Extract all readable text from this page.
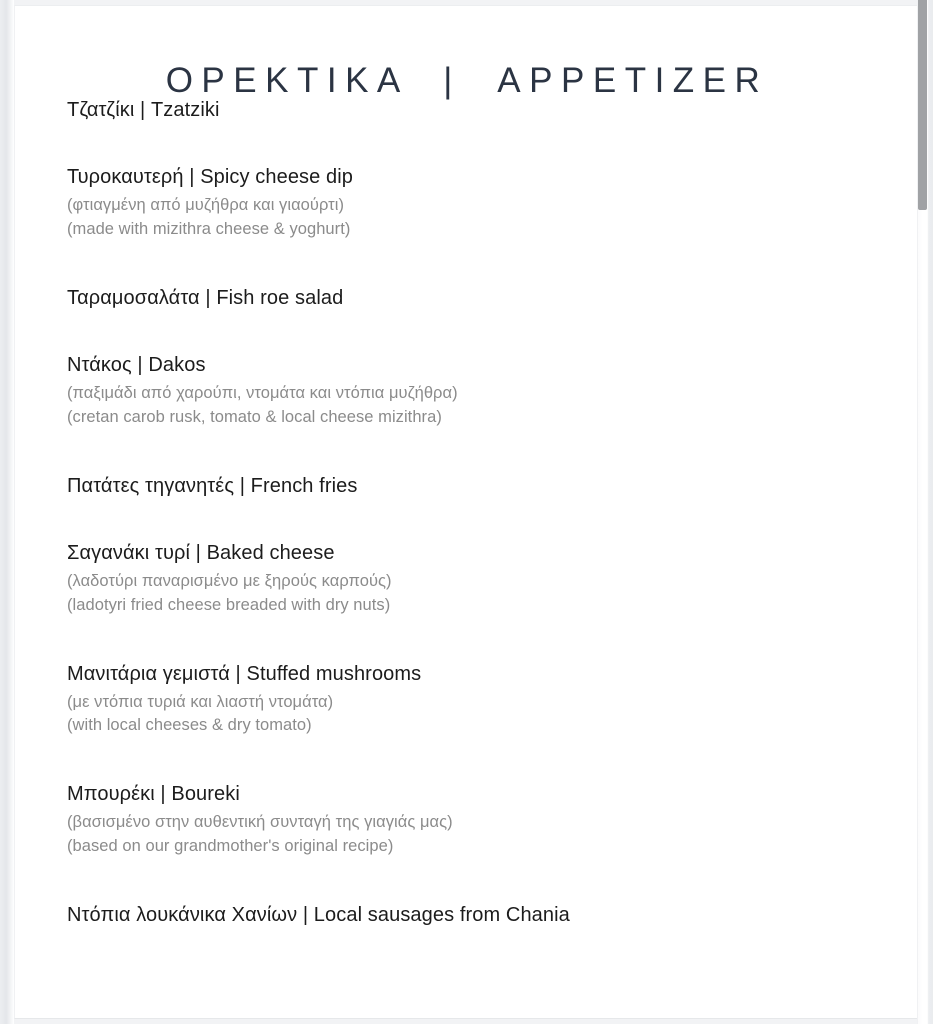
ΟΡΕΚΤΙΚΑ  |  APPETIZER

Τζατζίκι | Tzatziki

Τυροκαυτερή | Spicy cheese dip

(φτιαγμένη από μυζήθρα και γιαούρτι)

(made with mizithra cheese & yoghurt)

Ταραμοσαλάτα | Fish roe salad

Ντάκος | Dakos

(παξιμάδι από χαρούπι, ντομάτα και ντόπια μυζήθρα)

(cretan carob rusk, tomato & local cheese mizithra)

Πατάτες τηγανητές | French fries

Σαγανάκι τυρί | Baked cheese

(λαδοτύρι παναρισμένο με ξηρούς καρπούς)

(ladotyri fried cheese breaded with dry nuts)

Μανιτάρια γεμιστά | Stuffed mushrooms

(με ντόπια τυριά και λιαστή ντομάτα)

(with local cheeses & dry tomato)

Μπουρέκι | Boureki

(βασισμένο στην αυθεντική συνταγή της γιαγιάς μας)

(based on our grandmother's original recipe)

Ντόπια λουκάνικα Χανίων | Local sausages from Chania
